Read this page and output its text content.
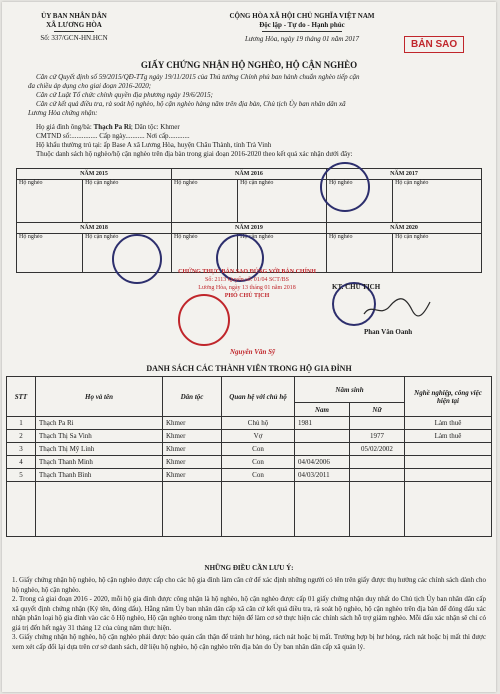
ỦY BAN NHÂN DÂN
XÃ LƯƠNG HÒA
Số: 337/GCN-HN.HCN
CỘNG HÒA XÃ HỘI CHỦ NGHĨA VIỆT NAM
Độc lập - Tự do - Hạnh phúc
Lương Hòa, ngày 19 tháng 01 năm 2017	BẢN SAO
GIẤY CHỨNG NHẬN HỘ NGHÈO, HỘ CẬN NGHÈO
Căn cứ Quyết định số 59/2015/QĐ-TTg ngày 19/11/2015 của Thủ tướng Chính phủ ban hành chuẩn nghèo tiếp cận
đa chiều áp dụng cho giai đoạn 2016-2020;
Căn cứ Luật Tổ chức chính quyền địa phương ngày 19/6/2015;
Căn cứ kết quả điều tra, rà soát hộ nghèo, hộ cận nghèo hàng năm trên địa bàn, Chủ tịch Ủy ban nhân dân xã
Lương Hòa chứng nhận:
Họ giá đình ông/bà: Thạch Pa Ri; Dân tộc: Khmer
CMTND số:............... Cấp ngày........... Nơi cấp............
Hộ khẩu thường trú tại: ấp Base A xã Lương Hòa, huyện Châu Thành, tỉnh Trà Vinh
Thuộc danh sách hộ nghèo/hộ cận nghèo trên địa bàn trong giai đoạn 2016-2020 theo kết quả xác nhận dưới đây:
NĂM 2015		NĂM 2016		NĂM 2017	
Hộ nghèo	Hộ cận nghèo	Hộ nghèo	Hộ cận nghèo	Hộ nghèo	Hộ cận nghèo
NĂM 2018		NĂM 2019		NĂM 2020	
Hộ nghèo	Hộ cận nghèo	Hộ nghèo	Hộ cận nghèo	Hộ nghèo	Hộ cận nghèo
CHỨNG THỰC BẢN SAO ĐÚNG VỚI BẢN CHÍNH
Số: 2113 Quyển số: 01/04 SCT/BS
Lương Hòa, ngày 13 tháng 01 năm 2018
PHÓ CHỦ TỊCH
Nguyễn Văn Sỹ
KT. CHỦ TỊCH
Phan Văn Oanh
DANH SÁCH CÁC THÀNH VIÊN TRONG HỘ GIA ĐÌNH
STT	Họ và tên	Dân tộc	Quan hệ với chủ hộ	Năm sinh		Nghề nghiệp, công việc hiện tại
				Nam	Nữ	
1	Thạch Pa Ri	Khmer	Chủ hộ	1981		Làm thuê
2	Thạch Thị Sa Vinh	Khmer	Vợ		1977	Làm thuê
3	Thạch Thị Mỹ Linh	Khmer	Con		05/02/2002	
4	Thạch Thanh Minh	Khmer	Con	04/04/2006		
5	Thạch Thanh Bình	Khmer	Con	04/03/2011		

NHỮNG ĐIỀU CẦN LƯU Ý:
1. Giấy chứng nhận hộ nghèo, hộ cận nghèo được cấp cho các hộ gia đình làm căn cứ để xác định những người có tên trên giấy được thụ hưởng các chính sách dành cho hộ nghèo, hộ cận nghèo.
2. Trong cả giai đoạn 2016 - 2020, mỗi hộ gia đình được công nhận là hộ nghèo, hộ cận nghèo được cấp 01 giấy chứng nhận duy nhất do Chủ tịch Ủy ban nhân dân cấp xã quyết định chứng nhận (Ký tên, đóng dấu). Hằng năm Ủy ban nhân dân cấp xã căn cứ kết quả điều tra, rà soát hộ nghèo, hộ cận nghèo trên địa bàn để đóng dấu xác nhận phân loại hộ gia đình vào các ô Hộ nghèo, Hộ cận nghèo trong năm thực hiện để làm cơ sở thực hiện các chính sách hỗ trợ giảm nghèo. Mỗi dấu xác nhận sẽ chỉ có giá trị đến hết ngày 31 tháng 12 của cùng năm thực hiện.
3. Giấy chứng nhận hộ nghèo, hộ cận nghèo phải được bảo quản cẩn thận để tránh hư hỏng, rách nát hoặc bị mất. Trường hợp bị hư hỏng, rách nát hoặc bị mất thì được xem xét cấp đổi lại dựa trên cơ sở danh sách, dữ liệu hộ nghèo, hộ cận nghèo trên địa bàn do Ủy ban nhân dân cấp xã quản lý.
